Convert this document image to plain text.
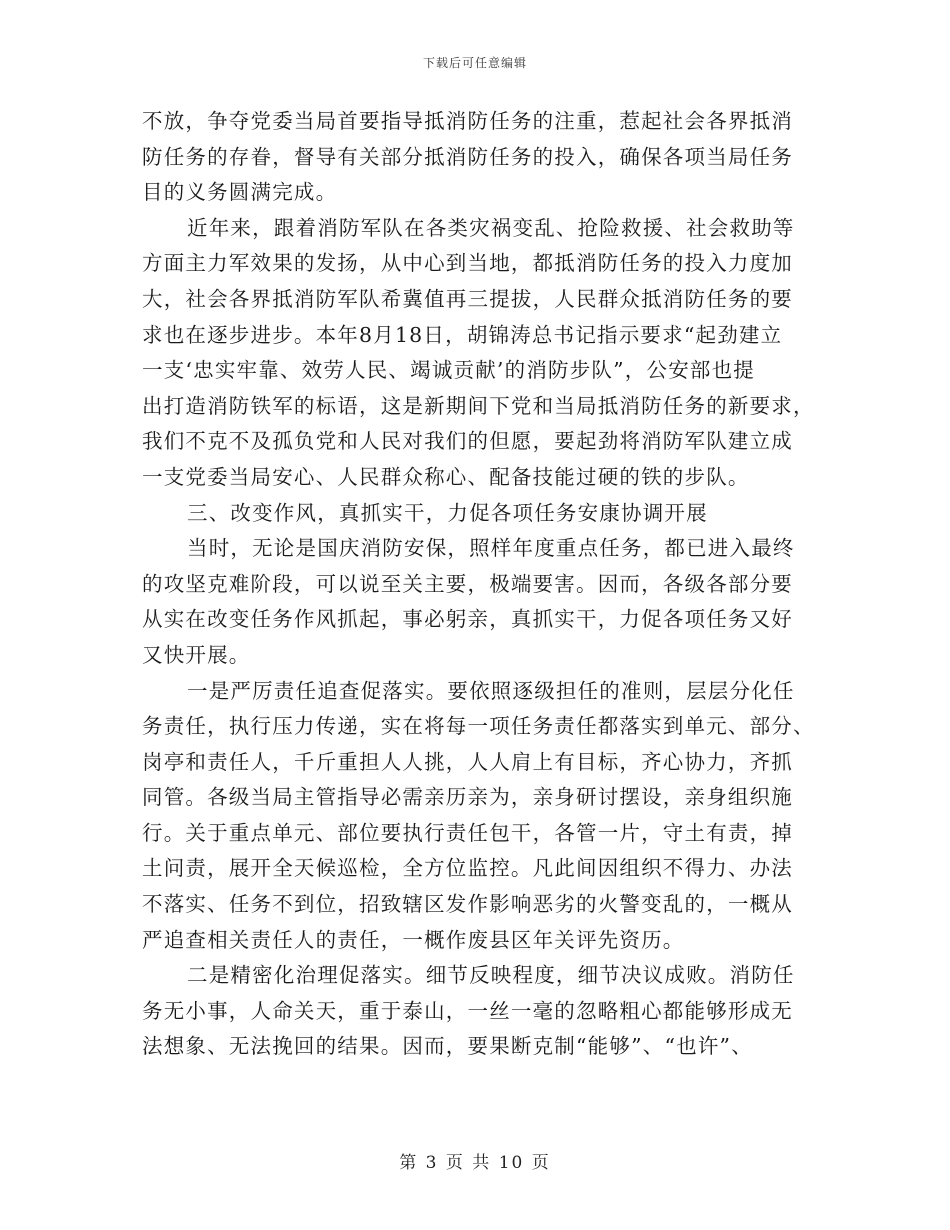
下载后可任意编辑

不放，争夺党委当局首要指导抵消防任务的注重，惹起社会各界抵消
防任务的存眷，督导有关部分抵消防任务的投入，确保各项当局任务
目的义务圆满完成。

近年来，跟着消防军队在各类灾祸变乱、抢险救援、社会救助等
方面主力军效果的发扬，从中心到当地，都抵消防任务的投入力度加
大，社会各界抵消防军队希冀值再三提拔，人民群众抵消防任务的要
求也在逐步进步。本年8月18日，胡锦涛总书记指示要求“起劲建立
一支‘忠实牢靠、效劳人民、竭诚贡献’的消防步队”，公安部也提
出打造消防铁军的标语，这是新期间下党和当局抵消防任务的新要求，
我们不克不及孤负党和人民对我们的但愿，要起劲将消防军队建立成
一支党委当局安心、人民群众称心、配备技能过硬的铁的步队。

三、改变作风，真抓实干，力促各项任务安康协调开展

当时，无论是国庆消防安保，照样年度重点任务，都已进入最终
的攻坚克难阶段，可以说至关主要，极端要害。因而，各级各部分要
从实在改变任务作风抓起，事必躬亲，真抓实干，力促各项任务又好
又快开展。

一是严厉责任追查促落实。要依照逐级担任的准则，层层分化任
务责任，执行压力传递，实在将每一项任务责任都落实到单元、部分、
岗亭和责任人，千斤重担人人挑，人人肩上有目标，齐心协力，齐抓
同管。各级当局主管指导必需亲历亲为，亲身研讨摆设，亲身组织施
行。关于重点单元、部位要执行责任包干，各管一片，守土有责，掉
土问责，展开全天候巡检，全方位监控。凡此间因组织不得力、办法
不落实、任务不到位，招致辖区发作影响恶劣的火警变乱的，一概从
严追查相关责任人的责任，一概作废县区年关评先资历。

二是精密化治理促落实。细节反映程度，细节决议成败。消防任
务无小事，人命关天，重于泰山，一丝一毫的忽略粗心都能够形成无
法想象、无法挽回的结果。因而，要果断克制“能够”、“也许”、

第 3 页 共 10 页
